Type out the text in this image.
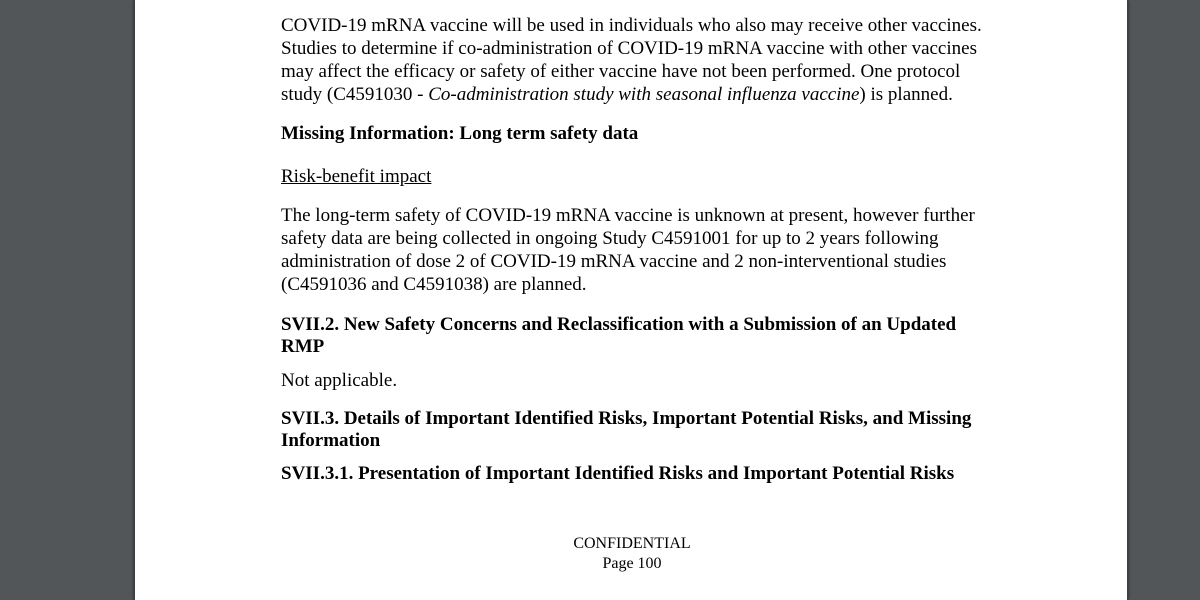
COVID-19 mRNA vaccine will be used in individuals who also may receive other vaccines. Studies to determine if co-administration of COVID-19 mRNA vaccine with other vaccines may affect the efficacy or safety of either vaccine have not been performed. One protocol study (C4591030 - Co-administration study with seasonal influenza vaccine) is planned.

Missing Information: Long term safety data

Risk-benefit impact

The long-term safety of COVID-19 mRNA vaccine is unknown at present, however further safety data are being collected in ongoing Study C4591001 for up to 2 years following administration of dose 2 of COVID-19 mRNA vaccine and 2 non-interventional studies (C4591036 and C4591038) are planned.

SVII.2. New Safety Concerns and Reclassification with a Submission of an Updated RMP

Not applicable.

SVII.3. Details of Important Identified Risks, Important Potential Risks, and Missing Information

SVII.3.1. Presentation of Important Identified Risks and Important Potential Risks

CONFIDENTIAL
Page 100
